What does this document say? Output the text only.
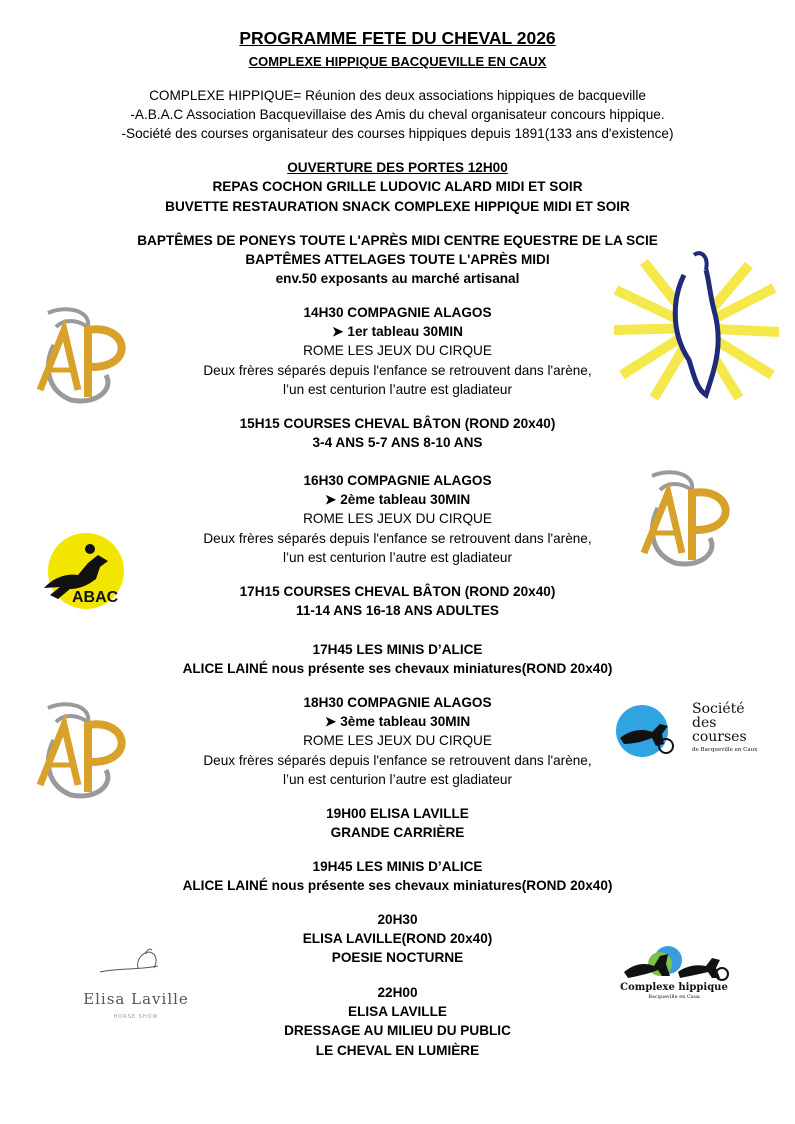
PROGRAMME FETE DU CHEVAL 2026
COMPLEXE HIPPIQUE BACQUEVILLE EN CAUX
COMPLEXE HIPPIQUE= Réunion des deux associations hippiques de bacqueville
-A.B.A.C Association Bacquevillaise des Amis du cheval organisateur concours hippique.
-Société des courses organisateur des courses hippiques depuis 1891(133 ans d'existence)
OUVERTURE DES PORTES 12H00
REPAS COCHON GRILLE LUDOVIC ALARD MIDI ET SOIR
BUVETTE RESTAURATION SNACK COMPLEXE HIPPIQUE MIDI ET SOIR
BAPTÊMES DE PONEYS TOUTE L'APRÈS MIDI CENTRE EQUESTRE DE LA SCIE
BAPTÊMES ATTELAGES TOUTE L'APRÈS MIDI
env.50 exposants au marché artisanal
14H30 COMPAGNIE ALAGOS
➤ 1er tableau 30MIN
ROME LES JEUX DU CIRQUE
Deux frères séparés depuis l'enfance se retrouvent dans l'arène,
l’un est centurion l’autre est gladiateur
15H15 COURSES CHEVAL BÂTON (ROND 20x40)
3-4 ANS 5-7 ANS 8-10 ANS
16H30 COMPAGNIE ALAGOS
➤ 2ème tableau 30MIN
ROME LES JEUX DU CIRQUE
Deux frères séparés depuis l'enfance se retrouvent dans l'arène,
l’un est centurion l’autre est gladiateur
17H15 COURSES CHEVAL BÂTON (ROND 20x40)
11-14 ANS 16-18 ANS ADULTES
17H45 LES MINIS D’ALICE
ALICE LAINÉ nous présente ses chevaux miniatures(ROND 20x40)
18H30 COMPAGNIE ALAGOS
➤ 3ème tableau 30MIN
ROME LES JEUX DU CIRQUE
Deux frères séparés depuis l'enfance se retrouvent dans l'arène,
l’un est centurion l’autre est gladiateur
19H00 ELISA LAVILLE
GRANDE CARRIÈRE
19H45 LES MINIS D’ALICE
ALICE LAINÉ nous présente ses chevaux miniatures(ROND 20x40)
20H30
ELISA LAVILLE(ROND 20x40)
POESIE NOCTURNE
22H00
ELISA LAVILLE
DRESSAGE AU MILIEU DU PUBLIC
LE CHEVAL EN LUMIÈRE
ABAC
Société
des
courses
de Bacqueville en Caux
Elisa Laville
HORSE SHOW
Complexe hippique
Bacqueville en Caux
